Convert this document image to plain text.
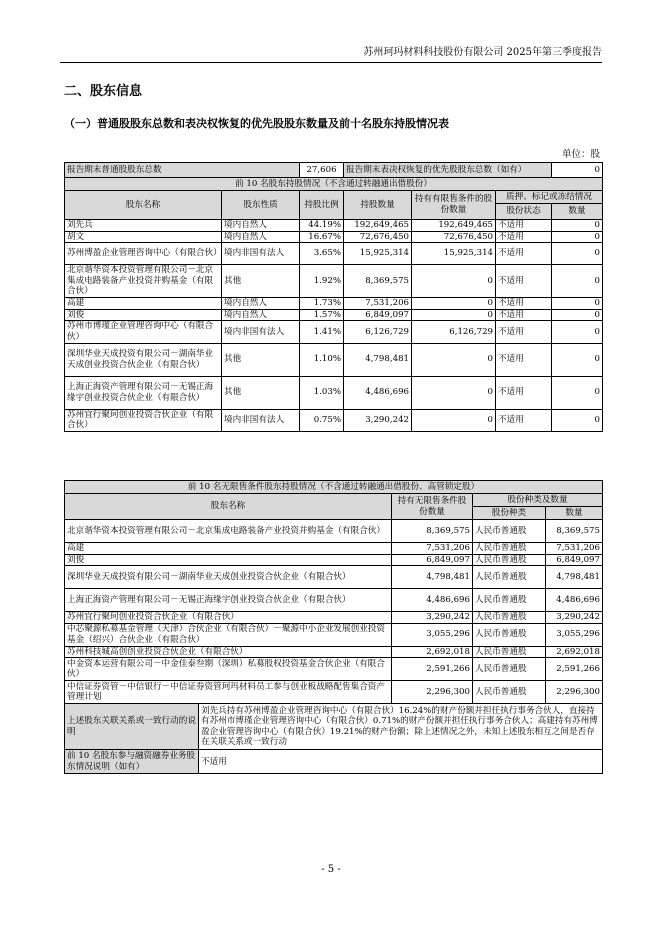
苏州珂玛材料科技股份有限公司 2025年第三季度报告
二、股东信息
（一）普通股股东总数和表决权恢复的优先股股东数量及前十名股东持股情况表
单位：股
报告期末普通股股东总数		27,606	报告期末表决权恢复的优先股股东总数（如有）			0
前 10 名股东持股情况（不含通过转融通出借股份）						
股东名称	股东性质	持股比例	持股数量	持有有限售条件的股份数量	质押、标记或冻结情况	
					股份状态	数量
刘先兵	境内自然人	44.19%	192,649,465	192,649,465	不适用	0
胡文	境内自然人	16.67%	72,676,450	72,676,450	不适用	0
苏州博盈企业管理咨询中心（有限合伙）	境内非国有法人	3.65%	15,925,314	15,925,314	不适用	0
北京谐华资本投资管理有限公司－北京集成电路装备产业投资并购基金（有限合伙）	其他	1.92%	8,369,575	0	不适用	0
高建	境内自然人	1.73%	7,531,206	0	不适用	0
刘俊	境内自然人	1.57%	6,849,097	0	不适用	0
苏州市博瑾企业管理咨询中心（有限合伙）	境内非国有法人	1.41%	6,126,729	6,126,729	不适用	0
深圳华业天成投资有限公司－湖南华业天成创业投资合伙企业（有限合伙）	其他	1.10%	4,798,481	0	不适用	0
上海正海资产管理有限公司－无锡正海缘宇创业投资合伙企业（有限合伙）	其他	1.03%	4,486,696	0	不适用	0
苏州宜行聚珂创业投资合伙企业（有限合伙）	境内非国有法人	0.75%	3,290,242	0	不适用	0
前 10 名无限售条件股东持股情况（不含通过转融通出借股份、高管锁定股）				
股东名称		持有无限售条件股份数量	股份种类及数量	
			股份种类	数量
北京谐华资本投资管理有限公司－北京集成电路装备产业投资并购基金（有限合伙）		8,369,575	人民币普通股	8,369,575
高建		7,531,206	人民币普通股	7,531,206
刘俊		6,849,097	人民币普通股	6,849,097
深圳华业天成投资有限公司－湖南华业天成创业投资合伙企业（有限合伙）		4,798,481	人民币普通股	4,798,481
上海正海资产管理有限公司－无锡正海缘宇创业投资合伙企业（有限合伙）		4,486,696	人民币普通股	4,486,696
苏州宜行聚珂创业投资合伙企业（有限合伙）		3,290,242	人民币普通股	3,290,242
中芯聚源私募基金管理（天津）合伙企业（有限合伙）－聚源中小企业发展创业投资基金（绍兴）合伙企业（有限合伙）		3,055,296	人民币普通股	3,055,296
苏州科技城高创创业投资合伙企业（有限合伙）		2,692,018	人民币普通股	2,692,018
中金资本运营有限公司－中金佳泰叁期（深圳）私募股权投资基金合伙企业（有限合伙）		2,591,266	人民币普通股	2,591,266
中信证券资管－中信银行－中信证券资管珂玛材料员工参与创业板战略配售集合资产管理计划		2,296,300	人民币普通股	2,296,300
上述股东关联关系或一致行动的说明	刘先兵持有苏州博盈企业管理咨询中心（有限合伙）16.24%的财产份额并担任执行事务合伙人，直接持有苏州市博瑾企业管理咨询中心（有限合伙）0.71%的财产份额并担任执行事务合伙人；高建持有苏州博盈企业管理咨询中心（有限合伙）19.21%的财产份额；除上述情况之外，未知上述股东相互之间是否存在关联关系或一致行动			
前 10 名股东参与融资融券业务股东情况说明（如有）	不适用			
- 5 -
